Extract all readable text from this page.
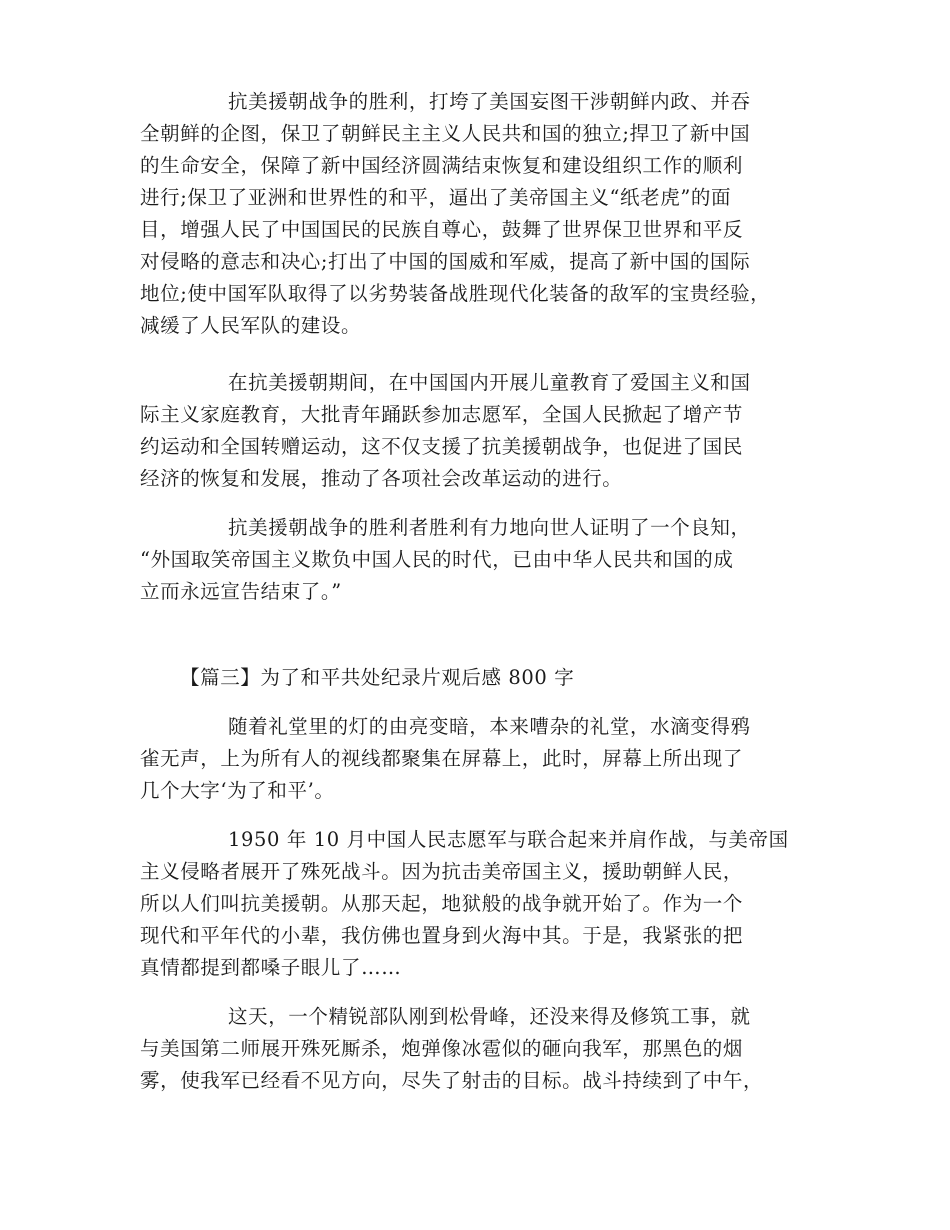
抗美援朝战争的胜利，打垮了美国妄图干涉朝鲜内政、并吞
全朝鲜的企图，保卫了朝鲜民主主义人民共和国的独立;捍卫了新中国
的生命安全，保障了新中国经济圆满结束恢复和建设组织工作的顺利
进行;保卫了亚洲和世界性的和平，逼出了美帝国主义“纸老虎”的面
目，增强人民了中国国民的民族自尊心，鼓舞了世界保卫世界和平反
对侵略的意志和决心;打出了中国的国威和军威，提高了新中国的国际
地位;使中国军队取得了以劣势装备战胜现代化装备的敌军的宝贵经验，
减缓了人民军队的建设。
在抗美援朝期间，在中国国内开展儿童教育了爱国主义和国
际主义家庭教育，大批青年踊跃参加志愿军，全国人民掀起了增产节
约运动和全国转赠运动，这不仅支援了抗美援朝战争，也促进了国民
经济的恢复和发展，推动了各项社会改革运动的进行。
抗美援朝战争的胜利者胜利有力地向世人证明了一个良知，
“外国取笑帝国主义欺负中国人民的时代，已由中华人民共和国的成
立而永远宣告结束了。”
【篇三】为了和平共处纪录片观后感 800 字
随着礼堂里的灯的由亮变暗，本来嘈杂的礼堂，水滴变得鸦
雀无声，上为所有人的视线都聚集在屏幕上，此时，屏幕上所出现了
几个大字‘为了和平’。
1950 年 10 月中国人民志愿军与联合起来并肩作战，与美帝国
主义侵略者展开了殊死战斗。因为抗击美帝国主义，援助朝鲜人民，
所以人们叫抗美援朝。从那天起，地狱般的战争就开始了。作为一个
现代和平年代的小辈，我仿佛也置身到火海中其。于是，我紧张的把
真情都提到都嗓子眼儿了……
这天，一个精锐部队刚到松骨峰，还没来得及修筑工事，就
与美国第二师展开殊死厮杀，炮弹像冰雹似的砸向我军，那黑色的烟
雾，使我军已经看不见方向，尽失了射击的目标。战斗持续到了中午，
